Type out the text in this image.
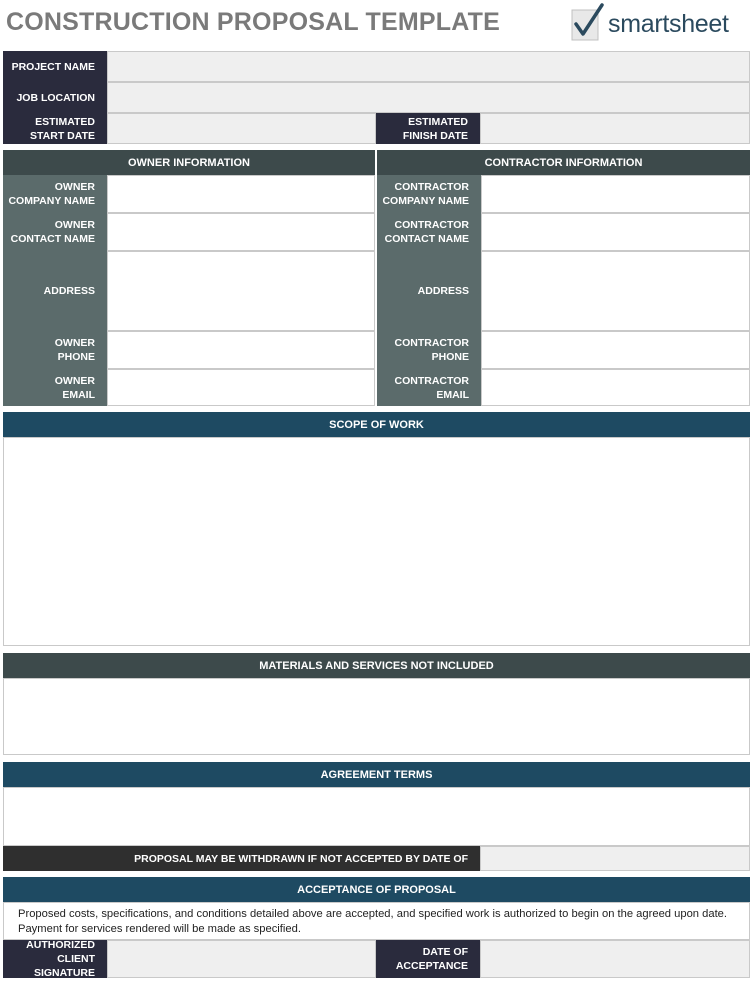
CONSTRUCTION PROPOSAL TEMPLATE	smartsheet
PROJECT NAME
JOB LOCATION
ESTIMATED
START DATE
ESTIMATED
FINISH DATE
OWNER INFORMATION	CONTRACTOR INFORMATION
OWNER
COMPANY NAME
OWNER
CONTACT NAME
ADDRESS
OWNER
PHONE
OWNER
EMAIL
CONTRACTOR
COMPANY NAME
CONTRACTOR
CONTACT NAME
ADDRESS
CONTRACTOR
PHONE
CONTRACTOR
EMAIL
SCOPE OF WORK
MATERIALS AND SERVICES NOT INCLUDED
AGREEMENT TERMS
PROPOSAL MAY BE WITHDRAWN IF NOT ACCEPTED BY DATE OF
ACCEPTANCE OF PROPOSAL
Proposed costs, specifications, and conditions detailed above are accepted, and specified work is authorized to begin on the agreed upon date. Payment for services rendered will be made as specified.
AUTHORIZED
CLIENT SIGNATURE
DATE OF
ACCEPTANCE
